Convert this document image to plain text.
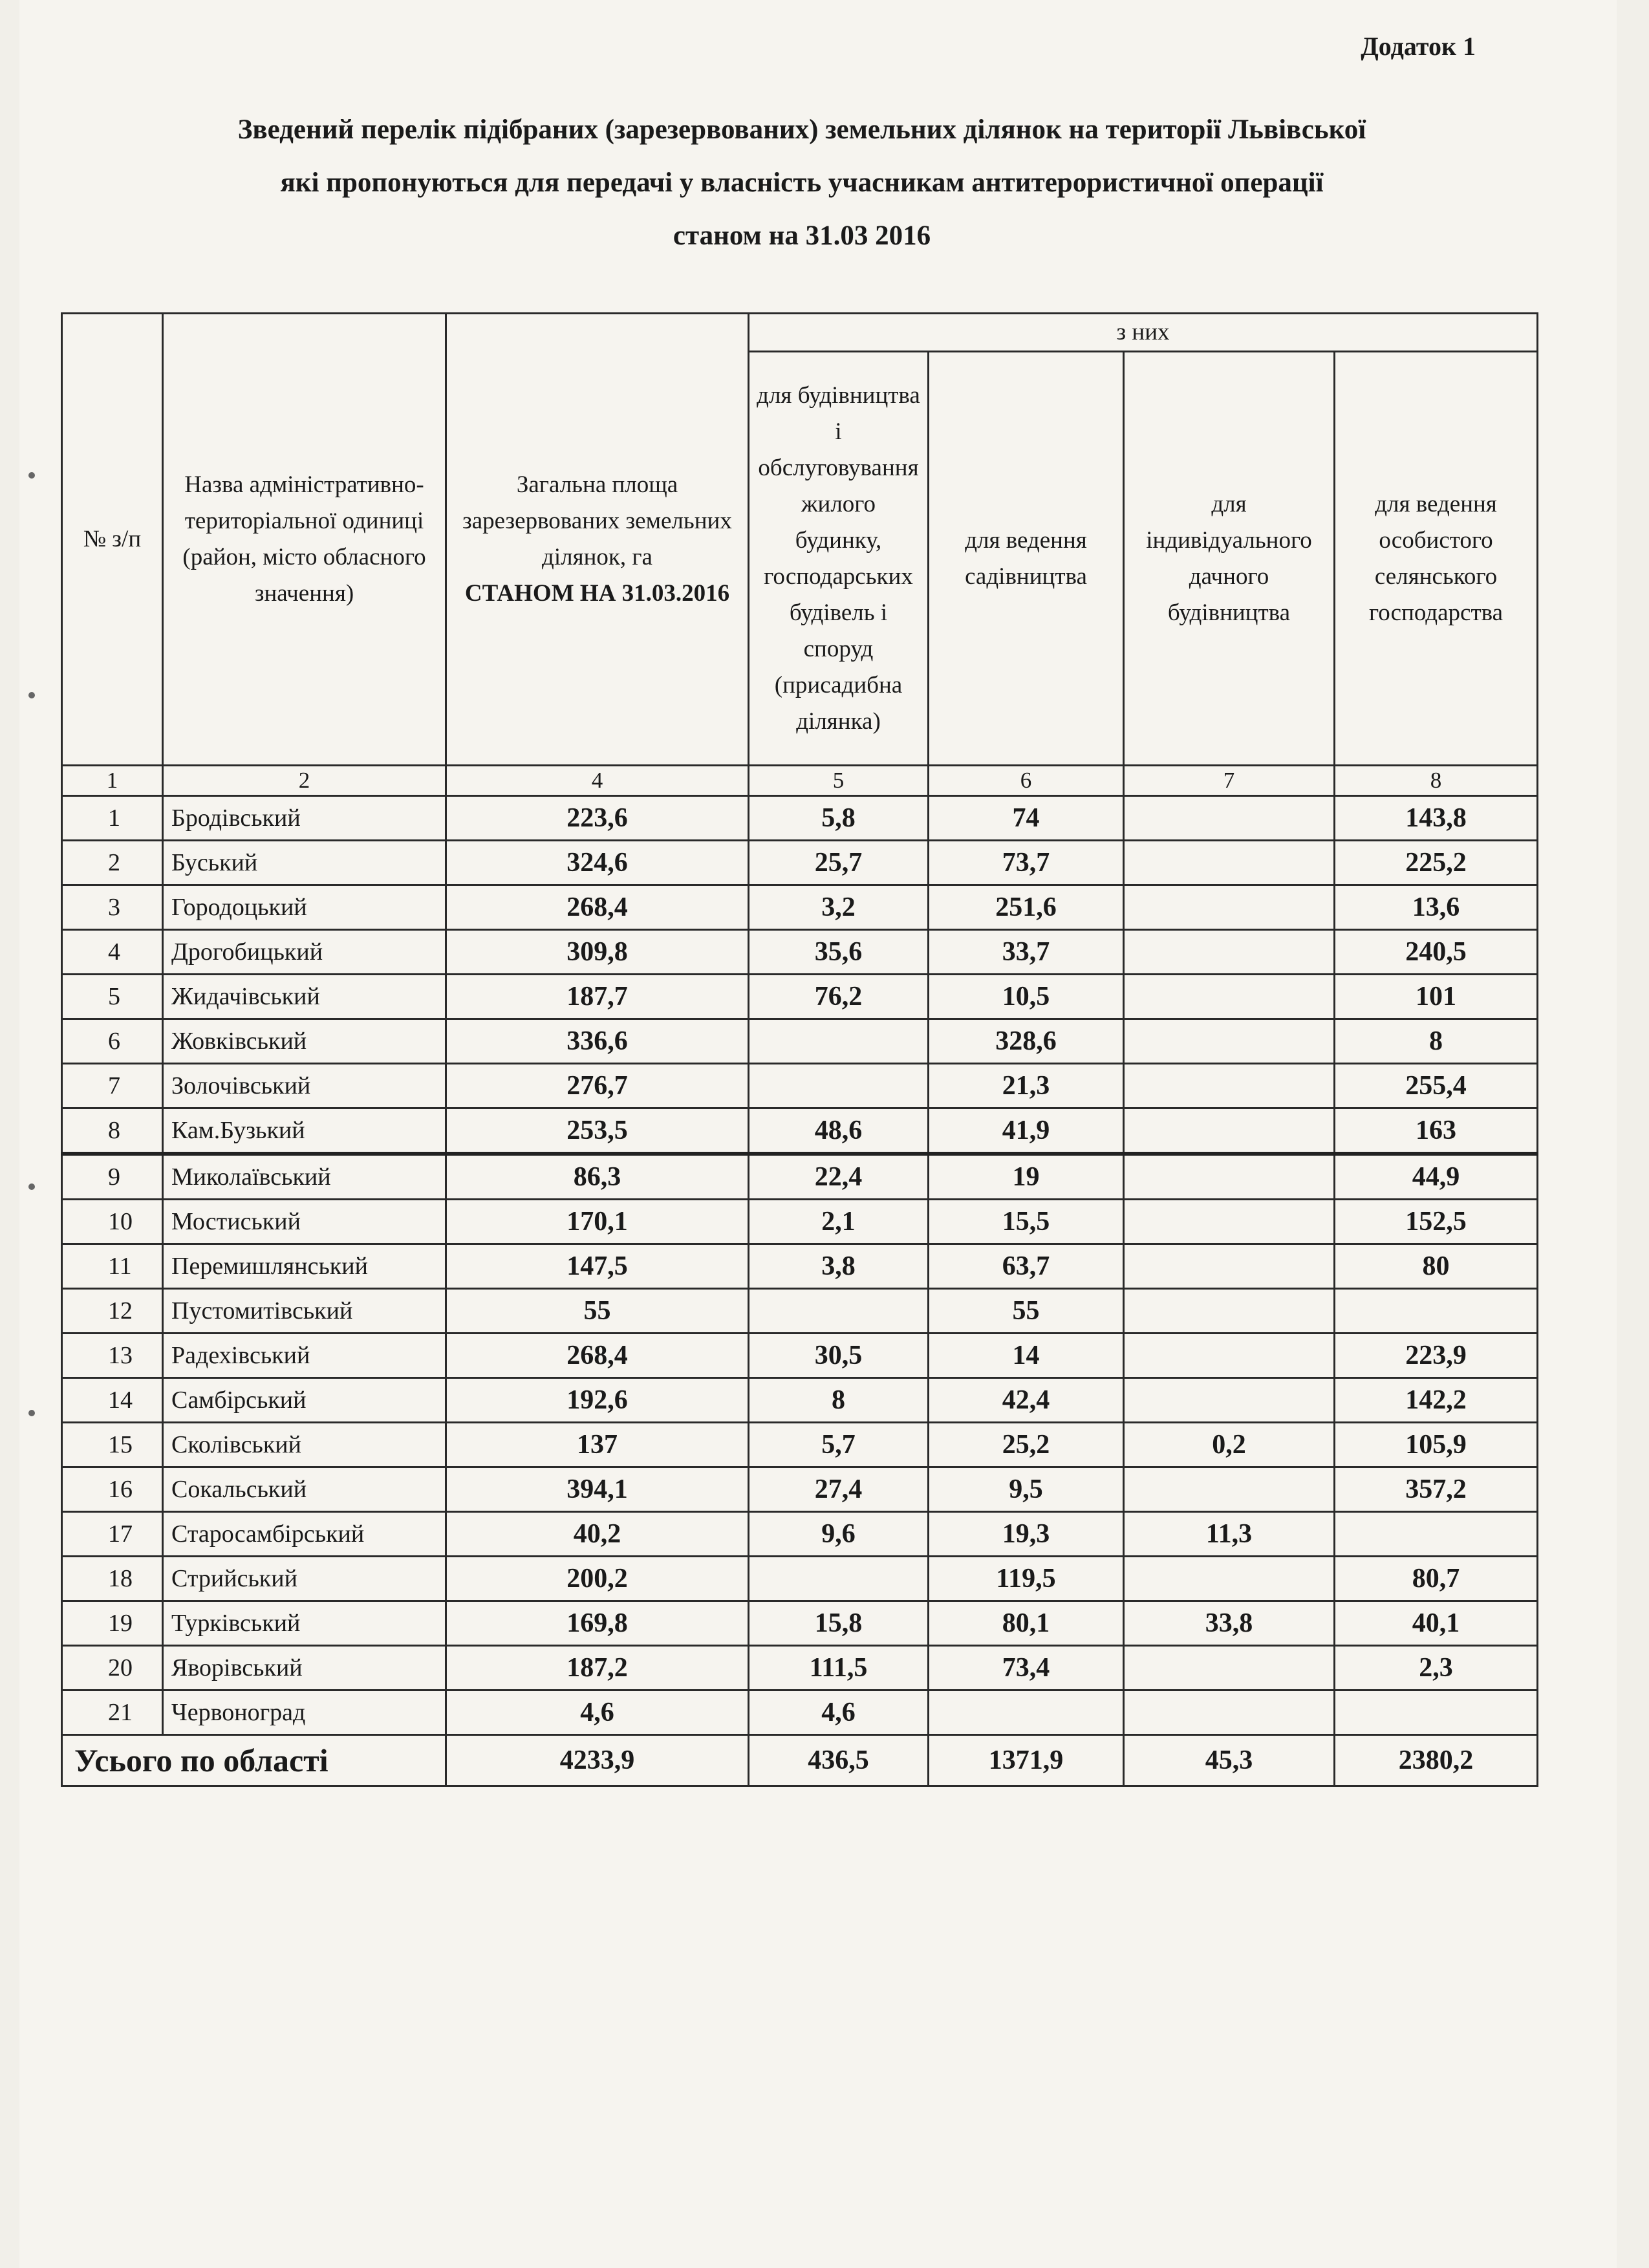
Додаток 1
Зведений перелік підібраних (зарезервованих) земельних ділянок на території Львівської
які пропонуються для передачі у власність учасникам антитерористичної операції
станом на 31.03 2016
№ з/п	Назва адміністративно-територіальної одиниці (район, місто обласного значення)	Загальна площа зарезервованих земельних ділянок, га
СТАНОМ НА 31.03.2016	з них			
			для будівництва і обслуговування жилого будинку, господарських будівель і споруд (присадибна ділянка)	для ведення садівництва	для індивідуального дачного будівництва	для ведення особистого селянського господарства
1	2	4	5	6	7	8
1	Бродівський	223,6	5,8	74		143,8
2	Буський	324,6	25,7	73,7		225,2
3	Городоцький	268,4	3,2	251,6		13,6
4	Дрогобицький	309,8	35,6	33,7		240,5
5	Жидачівський	187,7	76,2	10,5		101
6	Жовківський	336,6		328,6		8
7	Золочівський	276,7		21,3		255,4
8	Кам.Бузький	253,5	48,6	41,9		163
9	Миколаївський	86,3	22,4	19		44,9
10	Мостиський	170,1	2,1	15,5		152,5
11	Перемишлянський	147,5	3,8	63,7		80
12	Пустомитівський	55		55		
13	Радехівський	268,4	30,5	14		223,9
14	Самбірський	192,6	8	42,4		142,2
15	Сколівський	137	5,7	25,2	0,2	105,9
16	Сокальський	394,1	27,4	9,5		357,2
17	Старосамбірський	40,2	9,6	19,3	11,3	
18	Стрийський	200,2		119,5		80,7
19	Турківський	169,8	15,8	80,1	33,8	40,1
20	Яворівський	187,2	111,5	73,4		2,3
21	Червоноград	4,6	4,6			
Усього по області		4233,9	436,5	1371,9	45,3	2380,2
